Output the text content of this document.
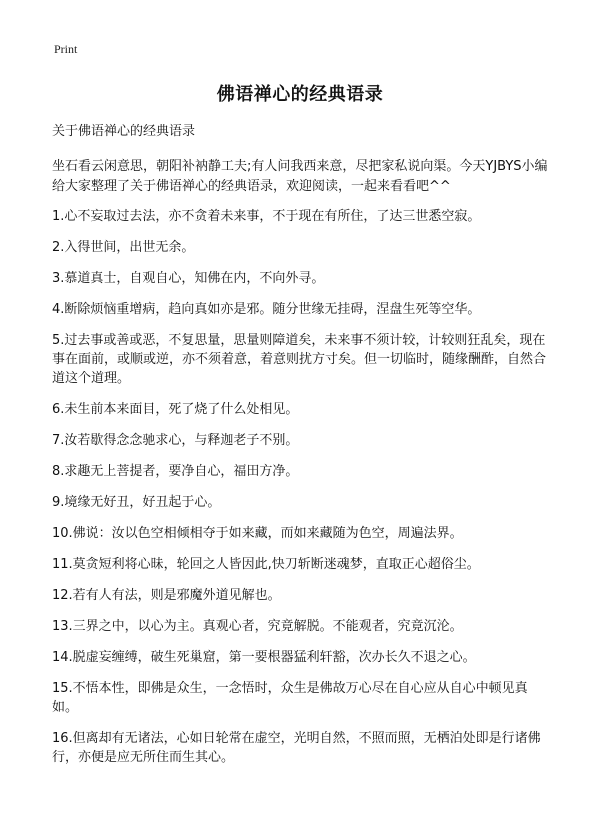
Print
佛语禅心的经典语录
关于佛语禅心的经典语录
坐石看云闲意思，朝阳补衲静工夫;有人问我西来意，尽把家私说向渠。今天YJBYS小编给大家整理了关于佛语禅心的经典语录，欢迎阅读，一起来看看吧^^
1.心不妄取过去法，亦不贪着未来事，不于现在有所住，了达三世悉空寂。
2.入得世间，出世无余。
3.慕道真士，自观自心，知佛在内，不向外寻。
4.断除烦恼重增病，趋向真如亦是邪。随分世缘无挂碍，涅盘生死等空华。
5.过去事或善或恶，不复思量，思量则障道矣，未来事不须计较，计较则狂乱矣，现在事在面前，或顺或逆，亦不须着意，着意则扰方寸矣。但一切临时，随缘酬酢，自然合道这个道理。
6.未生前本来面目，死了烧了什么处相见。
7.汝若歇得念念驰求心，与释迦老子不别。
8.求趣无上菩提者，要净自心，福田方净。
9.境缘无好丑，好丑起于心。
10.佛说：汝以色空相倾相夺于如来藏，而如来藏随为色空，周遍法界。
11.莫贪短利将心昧，轮回之人皆因此,快刀斩断迷魂梦，直取正心超俗尘。
12.若有人有法，则是邪魔外道见解也。
13.三界之中，以心为主。真观心者，究竟解脱。不能观者，究竟沉沦。
14.脱虚妄缠缚，破生死巢窟，第一要根器猛利轩豁，次办长久不退之心。
15.不悟本性，即佛是众生，一念悟时，众生是佛故万心尽在自心应从自心中顿见真如。
16.但离却有无诸法，心如日轮常在虚空，光明自然，不照而照，无栖泊处即是行诸佛行，亦便是应无所住而生其心。
